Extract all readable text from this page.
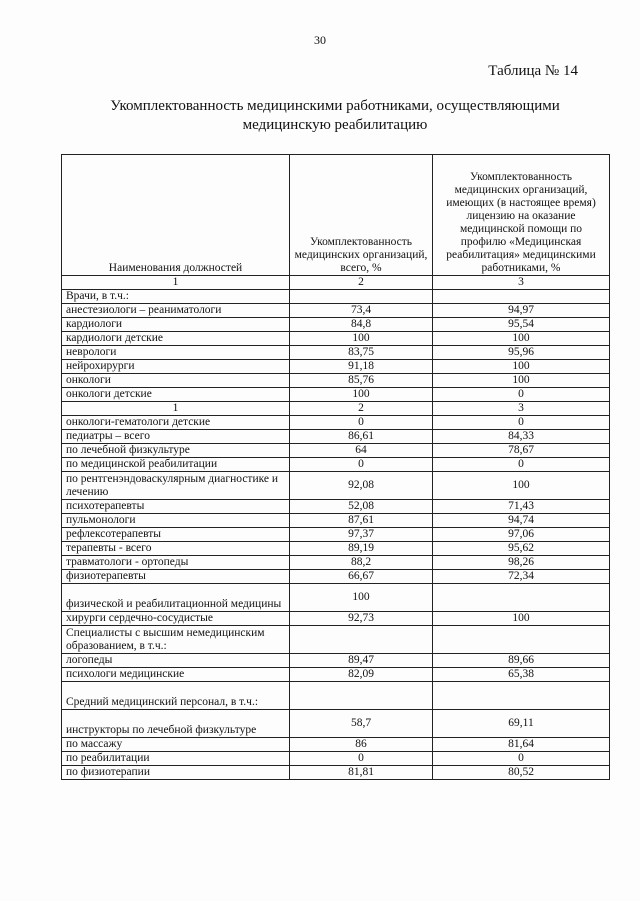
30
Таблица № 14
Укомплектованность медицинскими работниками, осуществляющими
медицинскую реабилитацию
Наименования должностей	Укомплектованность медицинских организаций, всего, %	Укомплектованность медицинских организаций, имеющих (в настоящее время) лицензию на оказание медицинской помощи по профилю «Медицинская реабилитация» медицинскими работниками, %
1	2	3
Врачи, в т.ч.:		
анестезиологи – реаниматологи	73,4	94,97
кардиологи	84,8	95,54
кардиологи детские	100	100
неврологи	83,75	95,96
нейрохирурги	91,18	100
онкологи	85,76	100
онкологи детские	100	0
1	2	3
онкологи-гематологи детские	0	0
педиатры – всего	86,61	84,33
по лечебной физкультуре	64	78,67
по медицинской реабилитации	0	0
по рентгенэндоваскулярным диагностике и лечению	92,08	100
психотерапевты	52,08	71,43
пульмонологи	87,61	94,74
рефлексотерапевты	97,37	97,06
терапевты - всего	89,19	95,62
травматологи - ортопеды	88,2	98,26
физиотерапевты	66,67	72,34
физической и реабилитационной медицины	100	
хирурги сердечно-сосудистые	92,73	100
Специалисты с высшим немедицинским образованием, в т.ч.:		
логопеды	89,47	89,66
психологи медицинские	82,09	65,38
Средний медицинский персонал, в т.ч.:		
инструкторы по лечебной физкультуре	58,7	69,11
по массажу	86	81,64
по реабилитации	0	0
по физиотерапии	81,81	80,52
